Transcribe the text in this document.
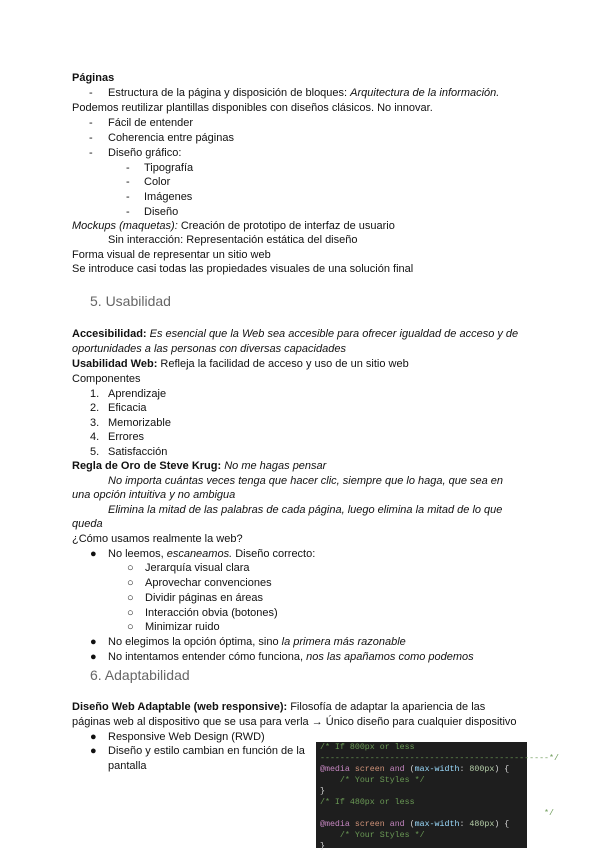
Páginas
- Estructura de la página y disposición de bloques: Arquitectura de la información.
Podemos reutilizar plantillas disponibles con diseños clásicos. No innovar.
- Fácil de entender
- Coherencia entre páginas
- Diseño gráfico:
- Tipografía
- Color
- Imágenes
- Diseño
Mockups (maquetas): Creación de prototipo de interfaz de usuario
Sin interacción: Representación estática del diseño
Forma visual de representar un sitio web
Se introduce casi todas las propiedades visuales de una solución final
5. Usabilidad
Accesibilidad: Es esencial que la Web sea accesible para ofrecer igualdad de acceso y de
oportunidades a las personas con diversas capacidades
Usabilidad Web: Refleja la facilidad de acceso y uso de un sitio web
Componentes
1. Aprendizaje
2. Eficacia
3. Memorizable
4. Errores
5. Satisfacción
Regla de Oro de Steve Krug: No me hagas pensar
No importa cuántas veces tenga que hacer clic, siempre que lo haga, que sea en
una opción intuitiva y no ambigua
Elimina la mitad de las palabras de cada página, luego elimina la mitad de lo que
queda
¿Cómo usamos realmente la web?
● No leemos, escaneamos. Diseño correcto:
○ Jerarquía visual clara
○ Aprovechar convenciones
○ Dividir páginas en áreas
○ Interacción obvia (botones)
○ Minimizar ruido
● No elegimos la opción óptima, sino la primera más razonable
● No intentamos entender cómo funciona, nos las apañamos como podemos
6. Adaptabilidad
Diseño Web Adaptable (web responsive): Filosofía de adaptar la apariencia de las
páginas web al dispositivo que se usa para verla → Único diseño para cualquier dispositivo
● Responsive Web Design (RWD)
● Diseño y estilo cambian en función de la
pantalla
/* If 800px or less
----------------------------------------------*/
@media screen and (max-width: 800px) {
/* Your Styles */
}
/* If 480px or less
*/
@media screen and (max-width: 480px) {
/* Your Styles */
}
